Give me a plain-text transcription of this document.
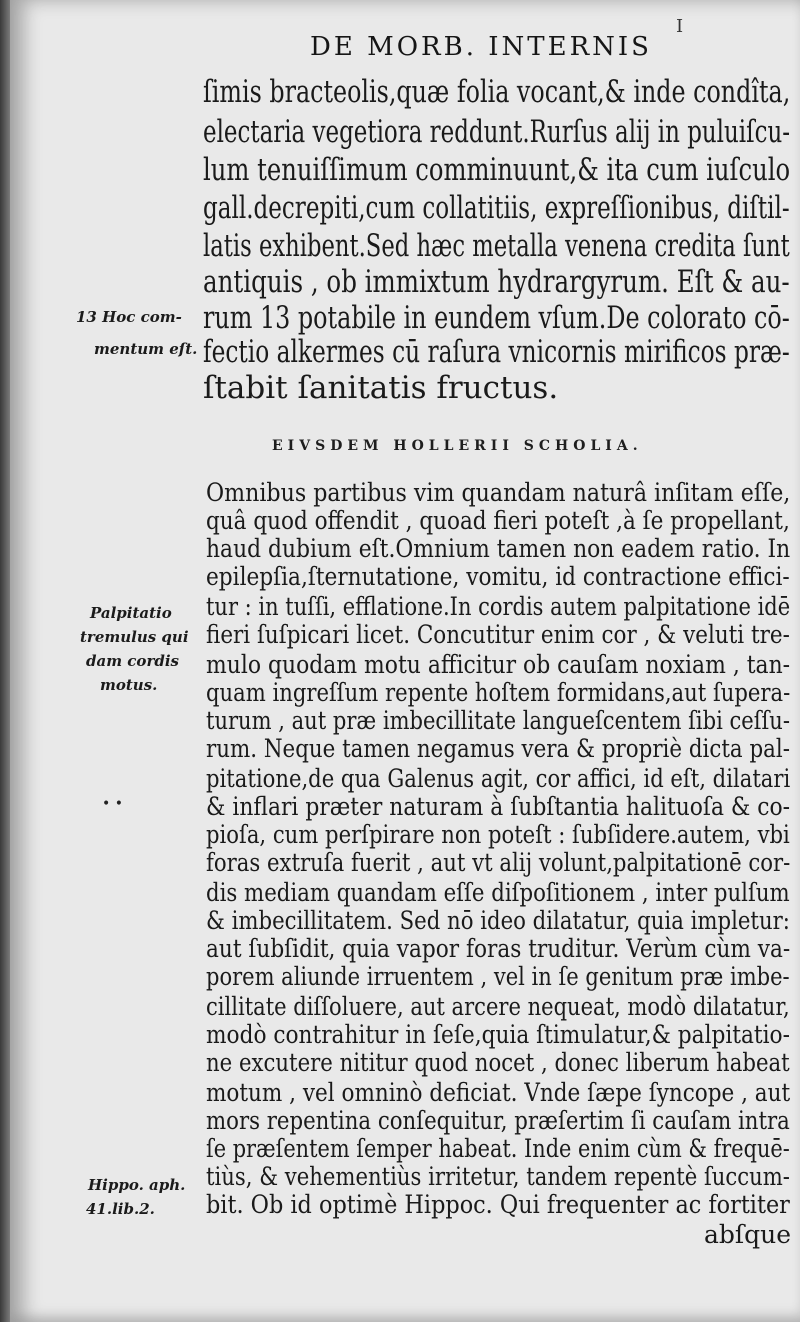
DE MORB. INTERNIS
I
ſimis bracteolis,quæ folia vocant,& inde condîta,
electaria vegetiora reddunt.Rurſus alij in puluiſcu-
lum tenuiſſimum comminuunt,& ita cum iuſculo
gall.decrepiti,cum collatitiis, expreſſionibus, diſtil-
latis exhibent.Sed hæc metalla venena credita ſunt
antiquis , ob immixtum hydrargyrum. Eſt & au-
rum 13 potabile in eundem vſum.De colorato cō-
fectio alkermes cū raſura vnicornis mirificos præ-
ſtabit ſanitatis fructus.
13 Hoc com-
mentum eſt.
EIVSDEM HOLLERII SCHOLIA.
Omnibus partibus vim quandam naturâ inſitam eſſe,
quâ quod offendit , quoad fieri poteſt ,à ſe propellant,
haud dubium eſt.Omnium tamen non eadem ratio. In
epilepſia,ſternutatione, vomitu, id contractione effici-
tur : in tuſſi, efflatione.In cordis autem palpitatione idē
fieri ſuſpicari licet. Concutitur enim cor , & veluti tre-
mulo quodam motu afficitur ob cauſam noxiam , tan-
quam ingreſſum repente hoſtem formidans,aut ſupera-
turum , aut præ imbecillitate langueſcentem ſibi ceſſu-
rum. Neque tamen negamus vera & propriè dicta pal-
pitatione,de qua Galenus agit, cor affici, id eſt, dilatari
& inflari præter naturam à ſubſtantia halituoſa & co-
pioſa, cum perſpirare non poteſt : ſubſidere.autem, vbi
foras extruſa fuerit , aut vt alij volunt,palpitationē cor-
dis mediam quandam eſſe diſpoſitionem , inter pulſum
& imbecillitatem. Sed nō ideo dilatatur, quia impletur:
aut ſubſidit, quia vapor foras truditur. Verùm cùm va-
porem aliunde irruentem , vel in ſe genitum præ imbe-
cillitate diſſoluere, aut arcere nequeat, modò dilatatur,
modò contrahitur in ſeſe,quia ſtimulatur,& palpitatio-
ne excutere nititur quod nocet , donec liberum habeat
motum , vel omninò deficiat. Vnde ſæpe ſyncope , aut
mors repentina conſequitur, præſertim ſi cauſam intra
ſe præſentem ſemper habeat. Inde enim cùm & frequē-
tiùs, & vehementiùs irritetur, tandem repentè ſuccum-
bit. Ob id optimè Hippoc. Qui frequenter ac fortiter
Palpitatio
tremulus qui
dam cordis
motus.
• •
Hippo. aph.
41.lib.2.
abſque
